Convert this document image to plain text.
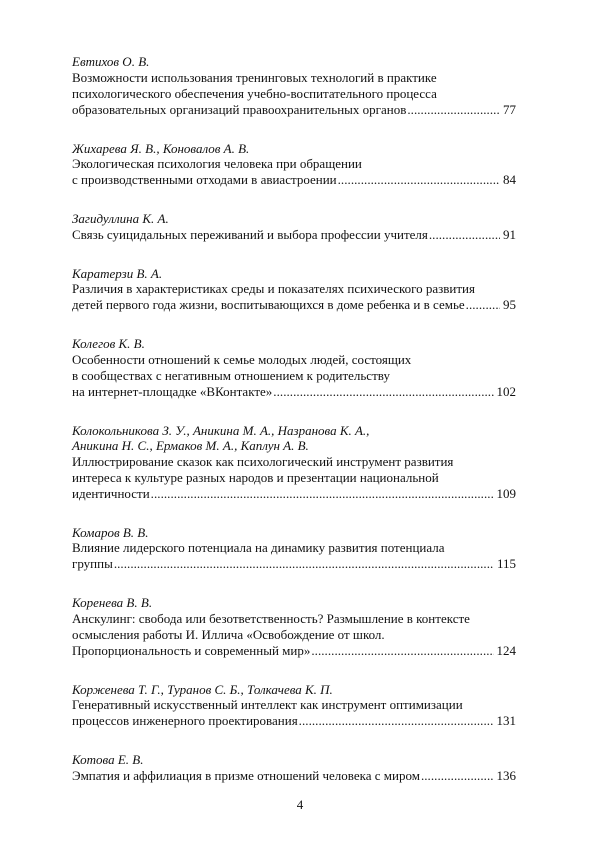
Евтихов О. В.
Возможности использования тренинговых технологий в практике
психологического обеспечения учебно-воспитательного процесса
образовательных организаций правоохранительных органов . . .	77
Жихарева Я. В., Коновалов А. В.
Экологическая психология человека при обращении
с производственными отходами в авиастроении . . .	84
Загидуллина К. А.
Связь суицидальных переживаний и выбора профессии учителя . . .	91
Каратерзи В. А.
Различия в характеристиках среды и показателях психического развития
детей первого года жизни, воспитывающихся в доме ребенка и в семье . . .	95
Колегов К. В.
Особенности отношений к семье молодых людей, состоящих
в сообществах с негативным отношением к родительству
на интернет-площадке «ВКонтакте» . . .	102
Колокольникова З. У., Аникина М. А., Назранова К. А.,
Аникина Н. С., Ермаков М. А., Каплун А. В.
Иллюстрирование сказок как психологический инструмент развития
интереса к культуре разных народов и презентации национальной
идентичности . . .	109
Комаров В. В.
Влияние лидерского потенциала на динамику развития потенциала
группы . . .	115
Коренева В. В.
Анскулинг: свобода или безответственность? Размышление в контексте
осмысления работы И. Иллича «Освобождение от школ.
Пропорциональность и современный мир» . . .	124
Корженева Т. Г., Туранов С. Б., Толкачева К. П.
Генеративный искусственный интеллект как инструмент оптимизации
процессов инженерного проектирования . . .	131
Котова Е. В.
Эмпатия и аффилиация в призме отношений человека с миром . . .	136
4
